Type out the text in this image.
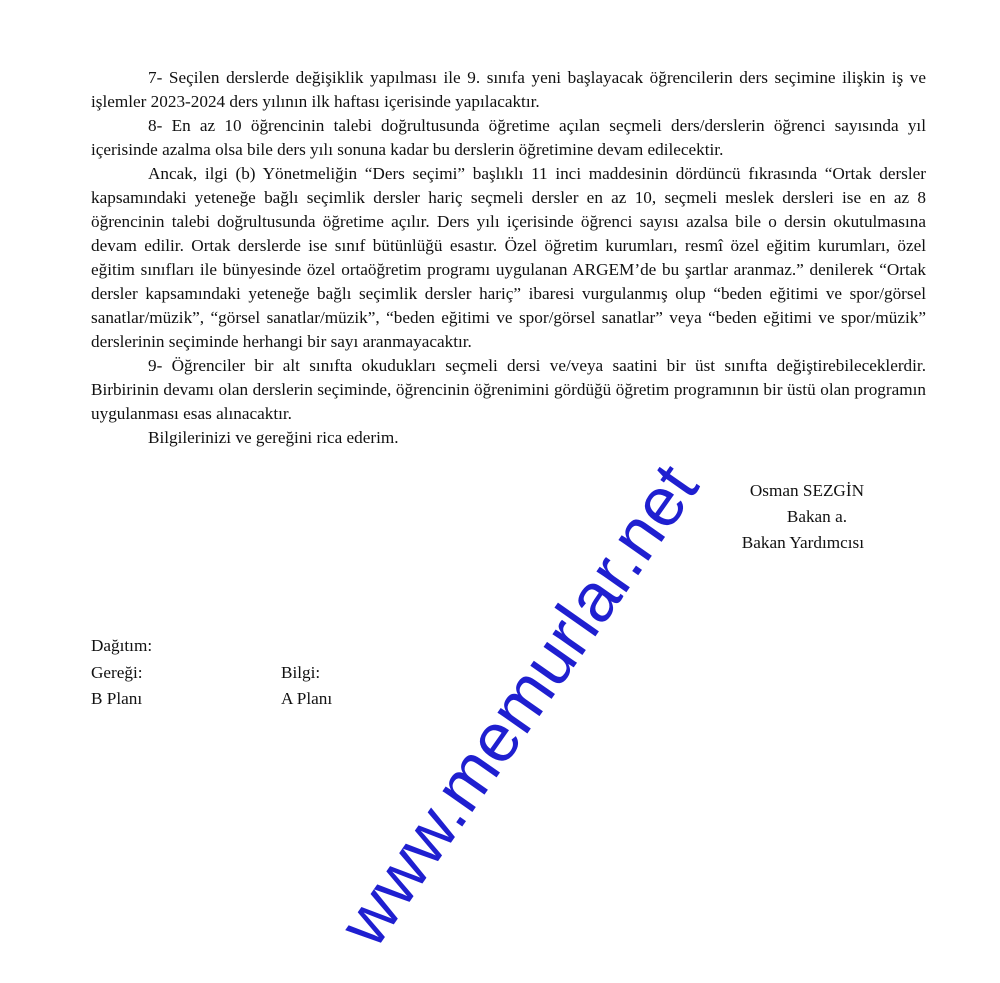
7- Seçilen derslerde değişiklik yapılması ile 9. sınıfa yeni başlayacak öğrencilerin ders seçimine ilişkin iş ve işlemler 2023-2024 ders yılının ilk haftası içerisinde yapılacaktır.

8- En az 10 öğrencinin talebi doğrultusunda öğretime açılan seçmeli ders/derslerin öğrenci sayısında yıl içerisinde azalma olsa bile ders yılı sonuna kadar bu derslerin öğretimine devam edilecektir.

Ancak, ilgi (b) Yönetmeliğin “Ders seçimi” başlıklı 11 inci maddesinin dördüncü fıkrasında “Ortak dersler kapsamındaki yeteneğe bağlı seçimlik dersler hariç seçmeli dersler en az 10, seçmeli meslek dersleri ise en az 8 öğrencinin talebi doğrultusunda öğretime açılır. Ders yılı içerisinde öğrenci sayısı azalsa bile o dersin okutulmasına devam edilir. Ortak derslerde ise sınıf bütünlüğü esastır. Özel öğretim kurumları, resmî özel eğitim kurumları, özel eğitim sınıfları ile bünyesinde özel ortaöğretim programı uygulanan ARGEM’de bu şartlar aranmaz.” denilerek “Ortak dersler kapsamındaki yeteneğe bağlı seçimlik dersler hariç” ibaresi vurgulanmış olup “beden eğitimi ve spor/görsel sanatlar/müzik”, “görsel sanatlar/müzik”, “beden eğitimi ve spor/görsel sanatlar” veya “beden eğitimi ve spor/müzik” derslerinin seçiminde herhangi bir sayı aranmayacaktır.

9- Öğrenciler bir alt sınıfta okudukları seçmeli dersi ve/veya saatini bir üst sınıfta değiştirebileceklerdir. Birbirinin devamı olan derslerin seçiminde, öğrencinin öğrenimini gördüğü öğretim programının bir üstü olan programın uygulanması esas alınacaktır.

Bilgilerinizi ve gereğini rica ederim.

Osman SEZGİN
Bakan a.
Bakan Yardımcısı
Dağıtım:
Gereği:	Bilgi:
B Planı	A Planı
www.memurlar.net
